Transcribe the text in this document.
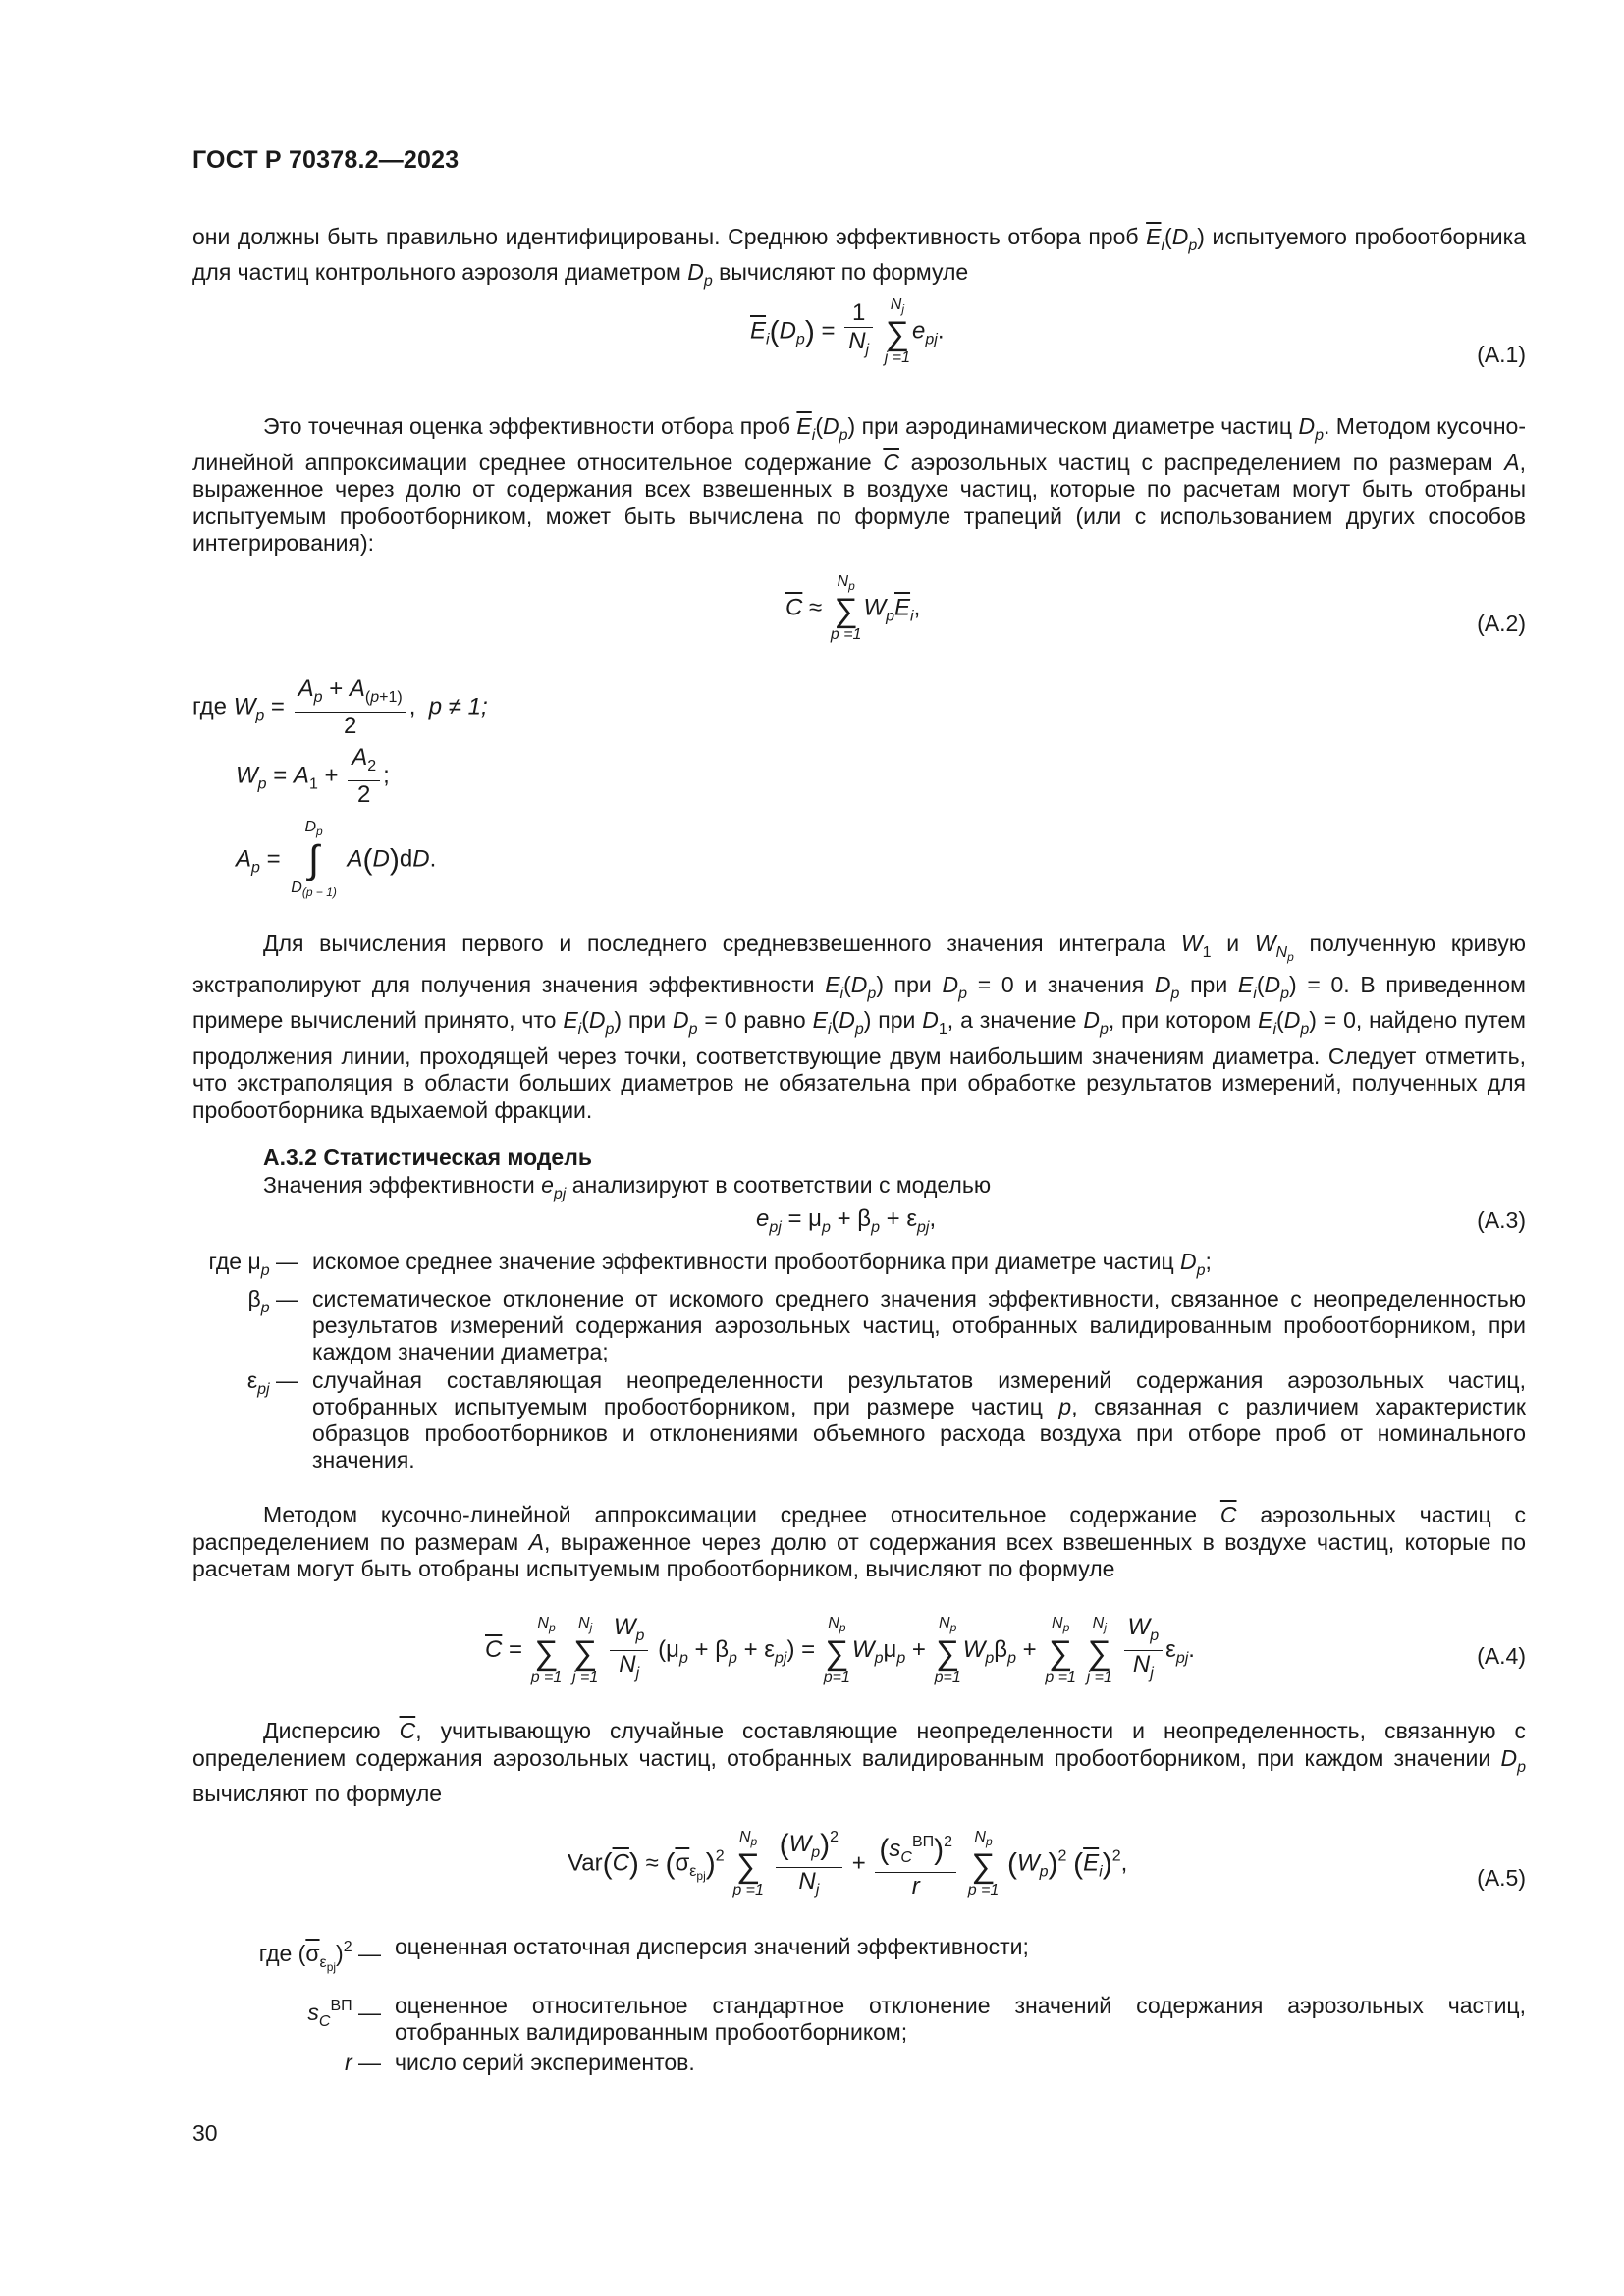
ГОСТ Р 70378.2—2023
они должны быть правильно идентифицированы. Среднюю эффективность отбора проб $\overline{E}_i(D_p)$ испытуемого пробоотборника для частиц контрольного аэрозоля диаметром $D_p$ вычисляют по формуле
$\overline{E}_i(D_p) = \frac{1}{N_j}$
	$N_j$
∑
j =1
$e_{pj}$.
(А.1)
Это точечная оценка эффективности отбора проб $\overline{E}_i(D_p)$ при аэродинамическом диаметре частиц $D_p$. Методом кусочно-линейной аппроксимации среднее относительное содержание $\overline{C}$ аэрозольных частиц с распределением по размерам A, выраженное через долю от содержания всех взвешенных в воздухе частиц, которые по расчетам могут быть отобраны испытуемым пробоотборником, может быть вычислена по формуле трапеций (или с использованием других способов интегрирования):
$\overline{C}$ ≈
$N_p$
∑
p =1
$W_p\overline{E}_i$,
(А.2)
где $W_p = \frac{A_p + A_{(p+1)}}{2}$ ,  p ≠ 1;
$W_p = A_1 + \frac{A_2}{2}$ ;
$A_p$ =
$D_p$
∫
$D_{(p - 1)}$
A(D)dD.
Для вычисления первого и последнего средневзвешенного значения интеграла $W_1$ и $W_{N_p}$ полученную кривую экстраполируют для получения значения эффективности $E_i(D_p)$ при $D_p = 0$ и значения $D_p$ при $E_i(D_p) = 0$. В приведенном примере вычислений принято, что $E_i(D_p)$ при $D_p = 0$ равно $E_i(D_p)$ при $D_1$, а значение $D_p$, при котором $E_i(D_p) = 0$, найдено путем продолжения линии, проходящей через точки, соответствующие двум наибольшим значениям диаметра. Следует отметить, что экстраполяция в области больших диаметров не обязательна при обработке результатов измерений, полученных для пробоотборника вдыхаемой фракции.
А.3.2 Статистическая модель
Значения эффективности $e_{pj}$ анализируют в соответствии с моделью
$e_{pj} = \mu_p + \beta_p + \varepsilon_{pj}$,	(А.3)
где $\mu_p$ — искомое среднее значение эффективности пробоотборника при диаметре частиц $D_p$;
$\beta_p$ — систематическое отклонение от искомого среднего значения эффективности, связанное с неопределенностью результатов измерений содержания аэрозольных частиц, отобранных валидированным пробоотборником, при каждом значении диаметра;
$\varepsilon_{pj}$ — случайная составляющая неопределенности результатов измерений содержания аэрозольных частиц, отобранных испытуемым пробоотборником, при размере частиц p, связанная с различием характеристик образцов пробоотборников и отклонениями объемного расхода воздуха при отборе проб от номинального значения.
Методом кусочно-линейной аппроксимации среднее относительное содержание $\overline{C}$ аэрозольных частиц с распределением по размерам A, выраженное через долю от содержания всех взвешенных в воздухе частиц, которые по расчетам могут быть отобраны испытуемым пробоотборником, вычисляют по формуле
$\overline{C}$ =
$N_p$
∑
p =1

$N_j$
∑
j =1
$\frac{W_p}{N_j} (\mu_p + \beta_p + \varepsilon_{pj})$ =
$N_p$
∑
p=1
$W_p\mu_p$ +
$N_p$
∑
p=1
$W_p\beta_p$ +
$N_p$
∑
p =1

$N_j$
∑
j =1
$\frac{W_p}{N_j} \varepsilon_{pj}$.	(А.4)
Дисперсию $\overline{C}$, учитывающую случайные составляющие неопределенности и неопределенность, связанную с определением содержания аэрозольных частиц, отобранных валидированным пробоотборником, при каждом значении $D_p$ вычисляют по формуле
$Var(\overline{C}) \approx (\overline{\sigma}_{\varepsilon_{pj}})^2$
$N_p$
∑
p =1
$\frac{(W_p)^2}{N_j} + \frac{(s_C^{ВП})^2}{r}$
	$N_p$
∑
p =1
$(W_p)^2$ $(\overline{E}_i)^2$,
(А.5)
где $(\overline{\sigma}_{\varepsilon_{pj}})^2$ — оцененная остаточная дисперсия значений эффективности;
$s_C^{ВП}$ — оцененное относительное стандартное отклонение значений содержания аэрозольных частиц, отобранных валидированным пробоотборником;
r — число серий экспериментов.
30
